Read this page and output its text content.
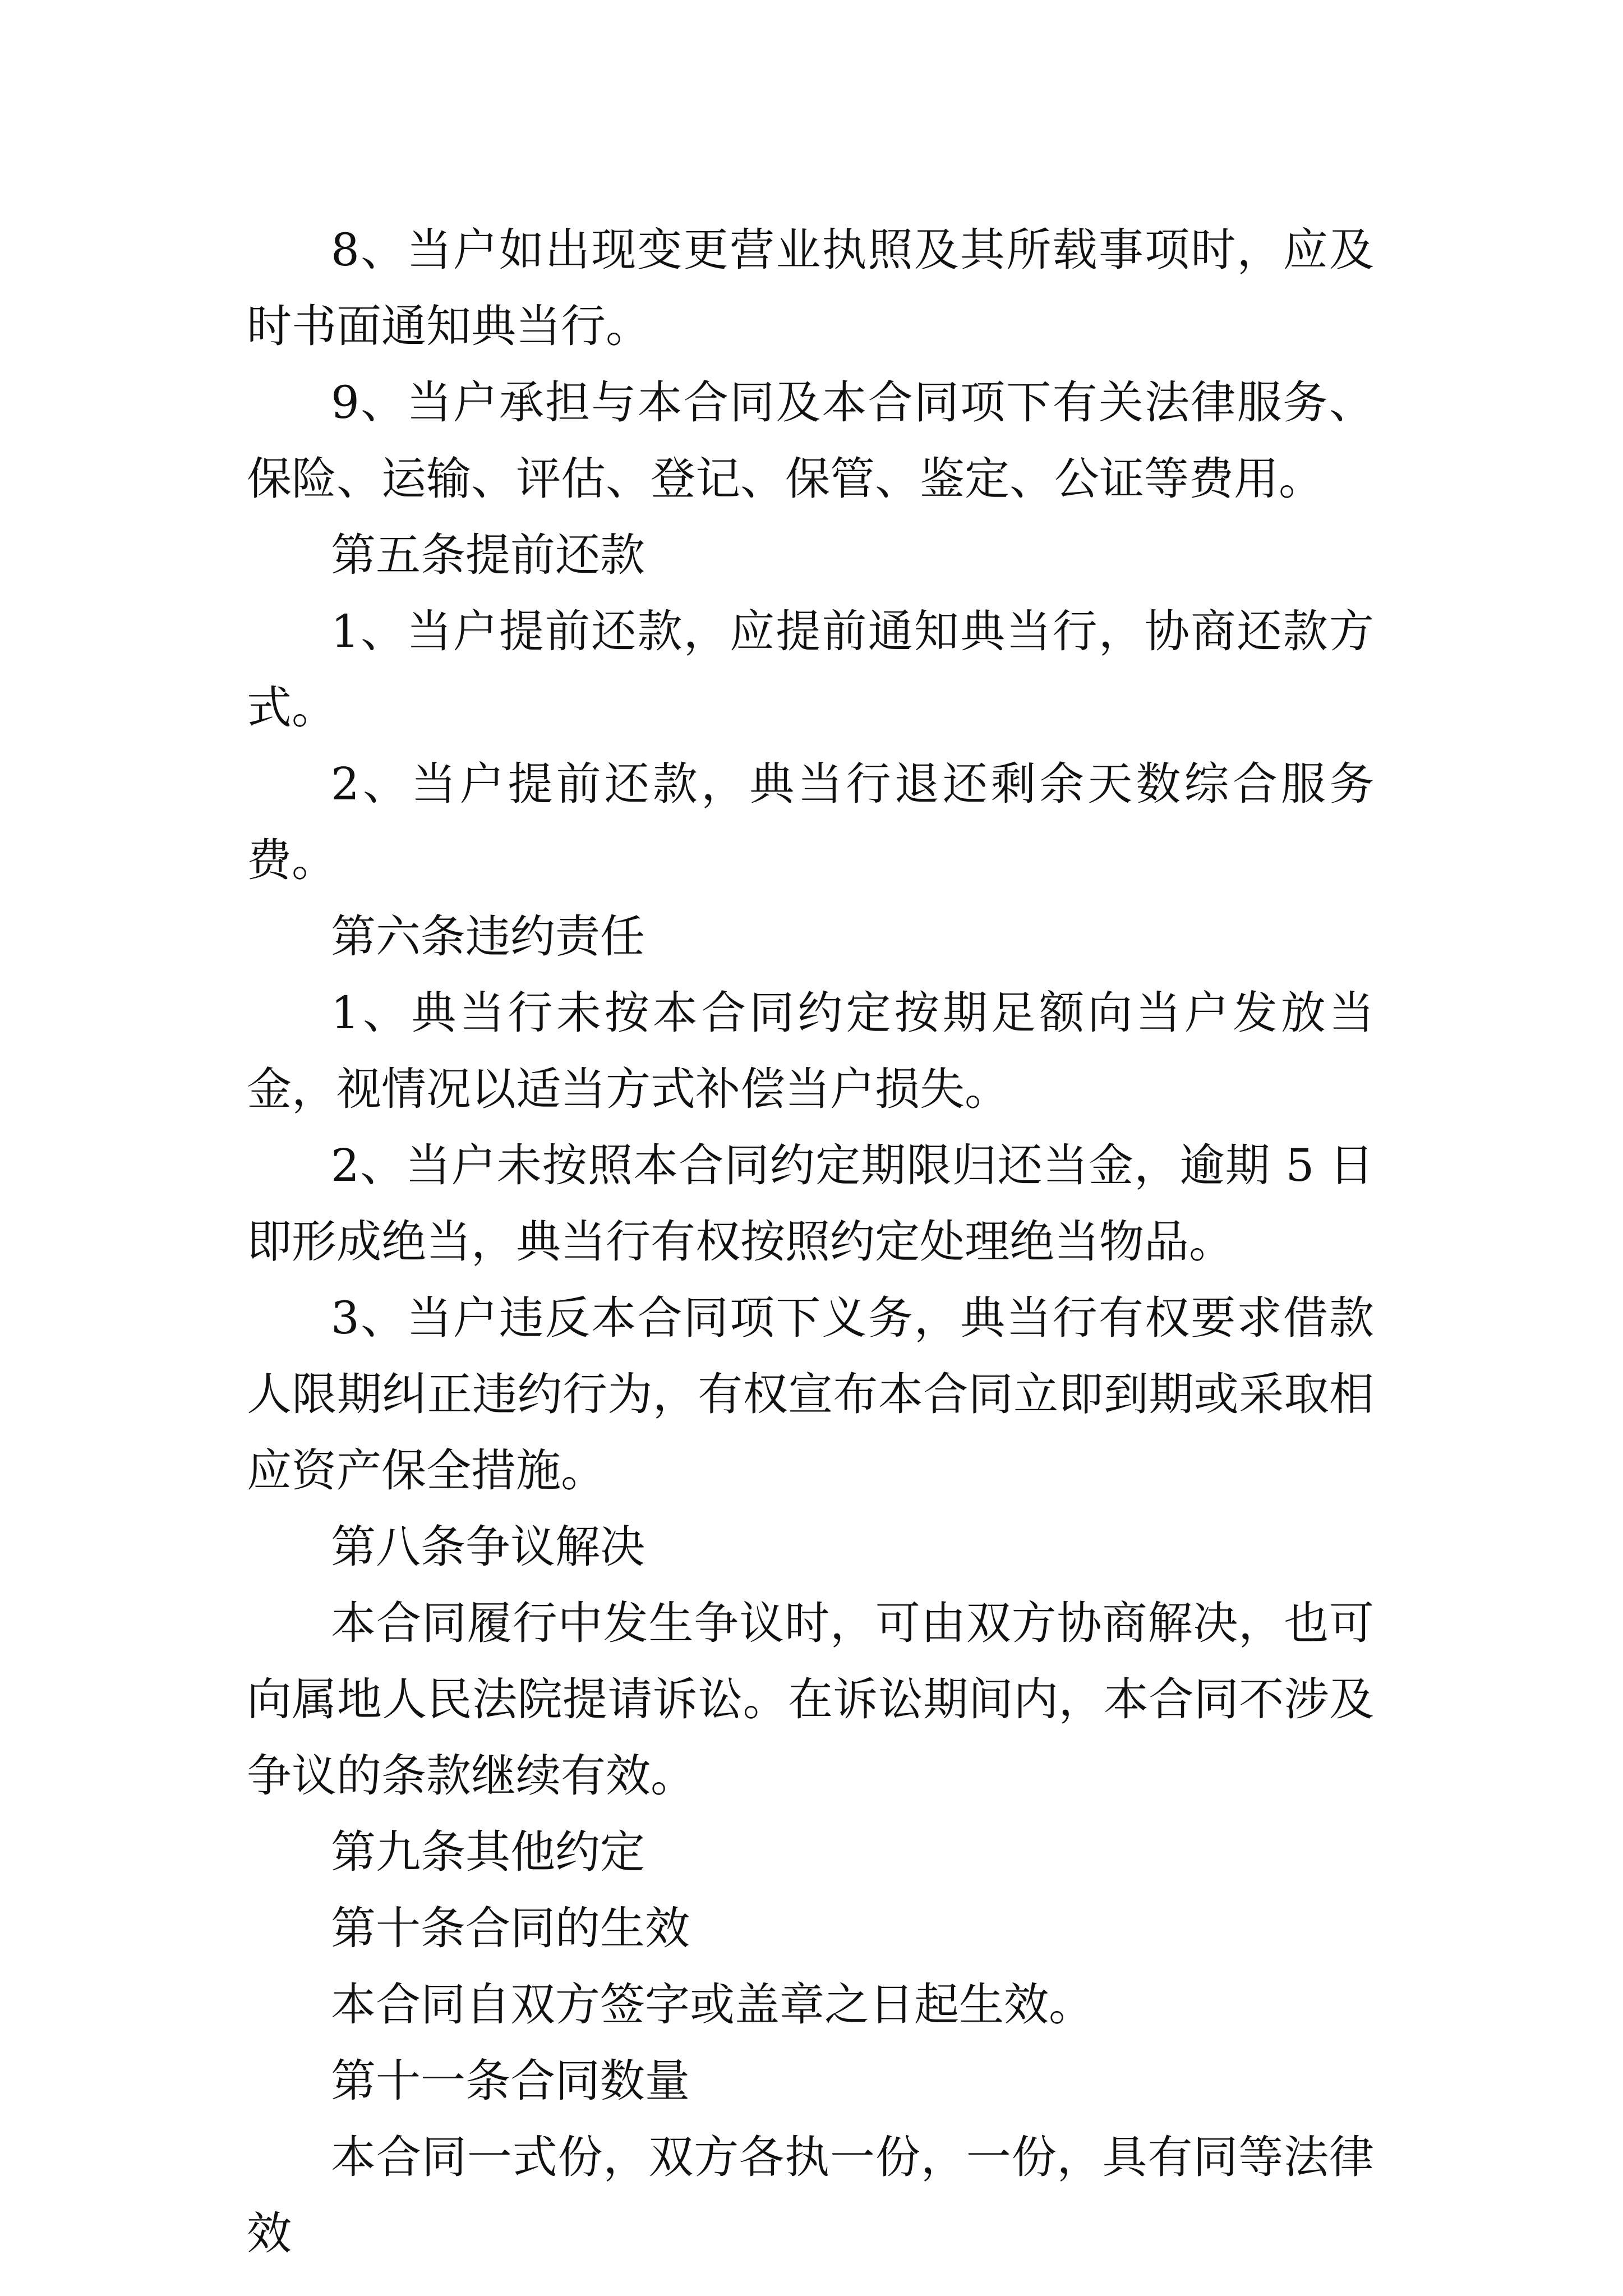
8、当户如出现变更营业执照及其所载事项时，应及时书面通知典当行。

9、当户承担与本合同及本合同项下有关法律服务、保险、运输、评估、登记、保管、鉴定、公证等费用。

第五条提前还款

1、当户提前还款，应提前通知典当行，协商还款方式。

2、当户提前还款，典当行退还剩余天数综合服务费。

第六条违约责任

1、典当行未按本合同约定按期足额向当户发放当金，视情况以适当方式补偿当户损失。

2、当户未按照本合同约定期限归还当金，逾期 5 日即形成绝当，典当行有权按照约定处理绝当物品。

3、当户违反本合同项下义务，典当行有权要求借款人限期纠正违约行为，有权宣布本合同立即到期或采取相应资产保全措施。

第八条争议解决

本合同履行中发生争议时，可由双方协商解决，也可向属地人民法院提请诉讼。在诉讼期间内，本合同不涉及争议的条款继续有效。

第九条其他约定

第十条合同的生效

本合同自双方签字或盖章之日起生效。

第十一条合同数量

本合同一式份，双方各执一份，一份，具有同等法律效
